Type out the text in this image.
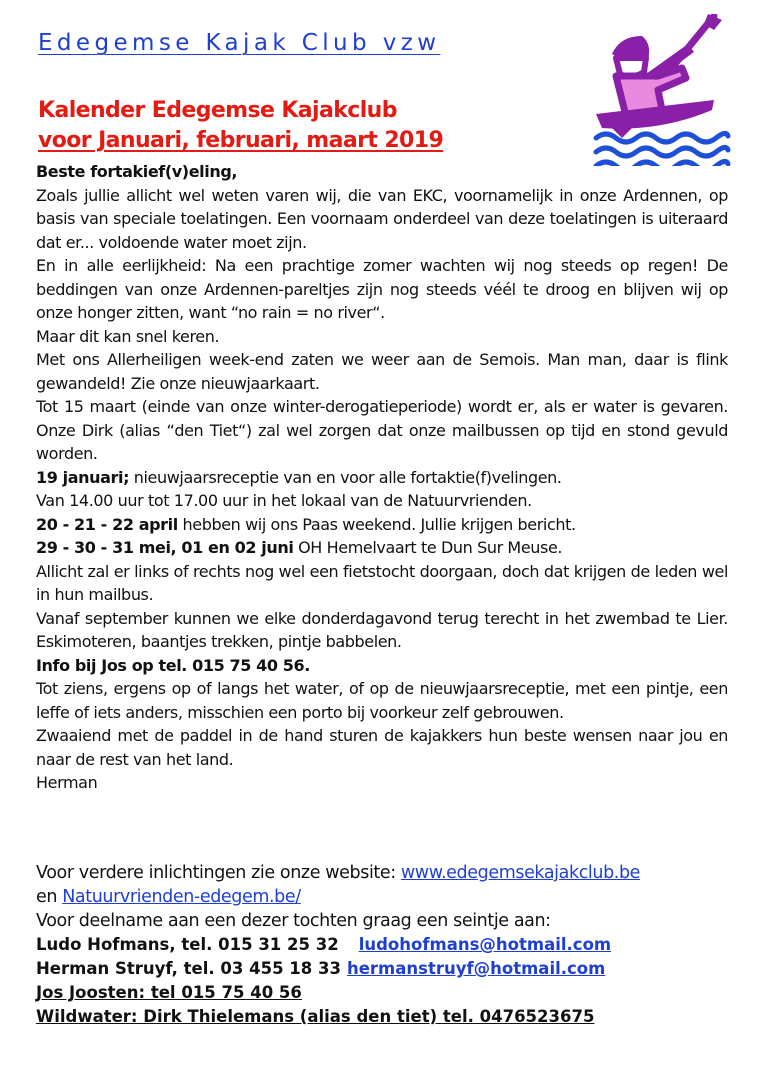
Edegemse Kajak Club vzw
Kalender Edegemse Kajakclub
voor Januari, februari, maart 2019

Beste fortakief(v)eling,

Zoals jullie allicht wel weten varen wij, die van EKC, voornamelijk in onze Ardennen, op basis van speciale toelatingen. Een voornaam onderdeel van deze toelatingen is uiteraard dat er... voldoende water moet zijn.

En in alle eerlijkheid: Na een prachtige zomer wachten wij nog steeds op regen! De beddingen van onze Ardennen-pareltjes zijn nog steeds véél te droog en blijven wij op onze honger zitten, want “no rain = no river“.

Maar dit kan snel keren.

Met ons Allerheiligen week-end zaten we weer aan de Semois. Man man, daar is flink gewandeld! Zie onze nieuwjaarkaart.

Tot 15 maart (einde van onze winter-derogatieperiode) wordt er, als er water is gevaren. Onze Dirk (alias “den Tiet“) zal wel zorgen dat onze mailbussen op tijd en stond gevuld worden.

19 januari; nieuwjaarsreceptie van en voor alle fortaktie(f)velingen.

Van 14.00 uur tot 17.00 uur in het lokaal van de Natuurvrienden.

20 - 21 - 22 april hebben wij ons Paas weekend. Jullie krijgen bericht.

29 - 30 - 31 mei, 01 en 02 juni OH Hemelvaart te Dun Sur Meuse.

Allicht zal er links of rechts nog wel een fietstocht doorgaan, doch dat krijgen de leden wel in hun mailbus.

Vanaf september kunnen we elke donderdagavond terug terecht in het zwembad te Lier. Eskimoteren, baantjes trekken, pintje babbelen.

Info bij Jos op tel. 015 75 40 56.

Tot ziens, ergens op of langs het water, of op de nieuwjaarsreceptie, met een pintje, een leffe of iets anders, misschien een porto bij voorkeur zelf gebrouwen.

Zwaaiend met de paddel in de hand sturen de kajakkers hun beste wensen naar jou en naar de rest van het land.

Herman

Voor verdere inlichtingen zie onze website: www.edegemsekajakclub.be

en Natuurvrienden-edegem.be/

Voor deelname aan een dezer tochten graag een seintje aan:

Ludo Hofmans, tel. 015 31 25 32 ludohofmans@hotmail.com

Herman Struyf, tel. 03 455 18 33 hermanstruyf@hotmail.com

Jos Joosten: tel 015 75 40 56

Wildwater: Dirk Thielemans (alias den tiet) tel. 0476523675
